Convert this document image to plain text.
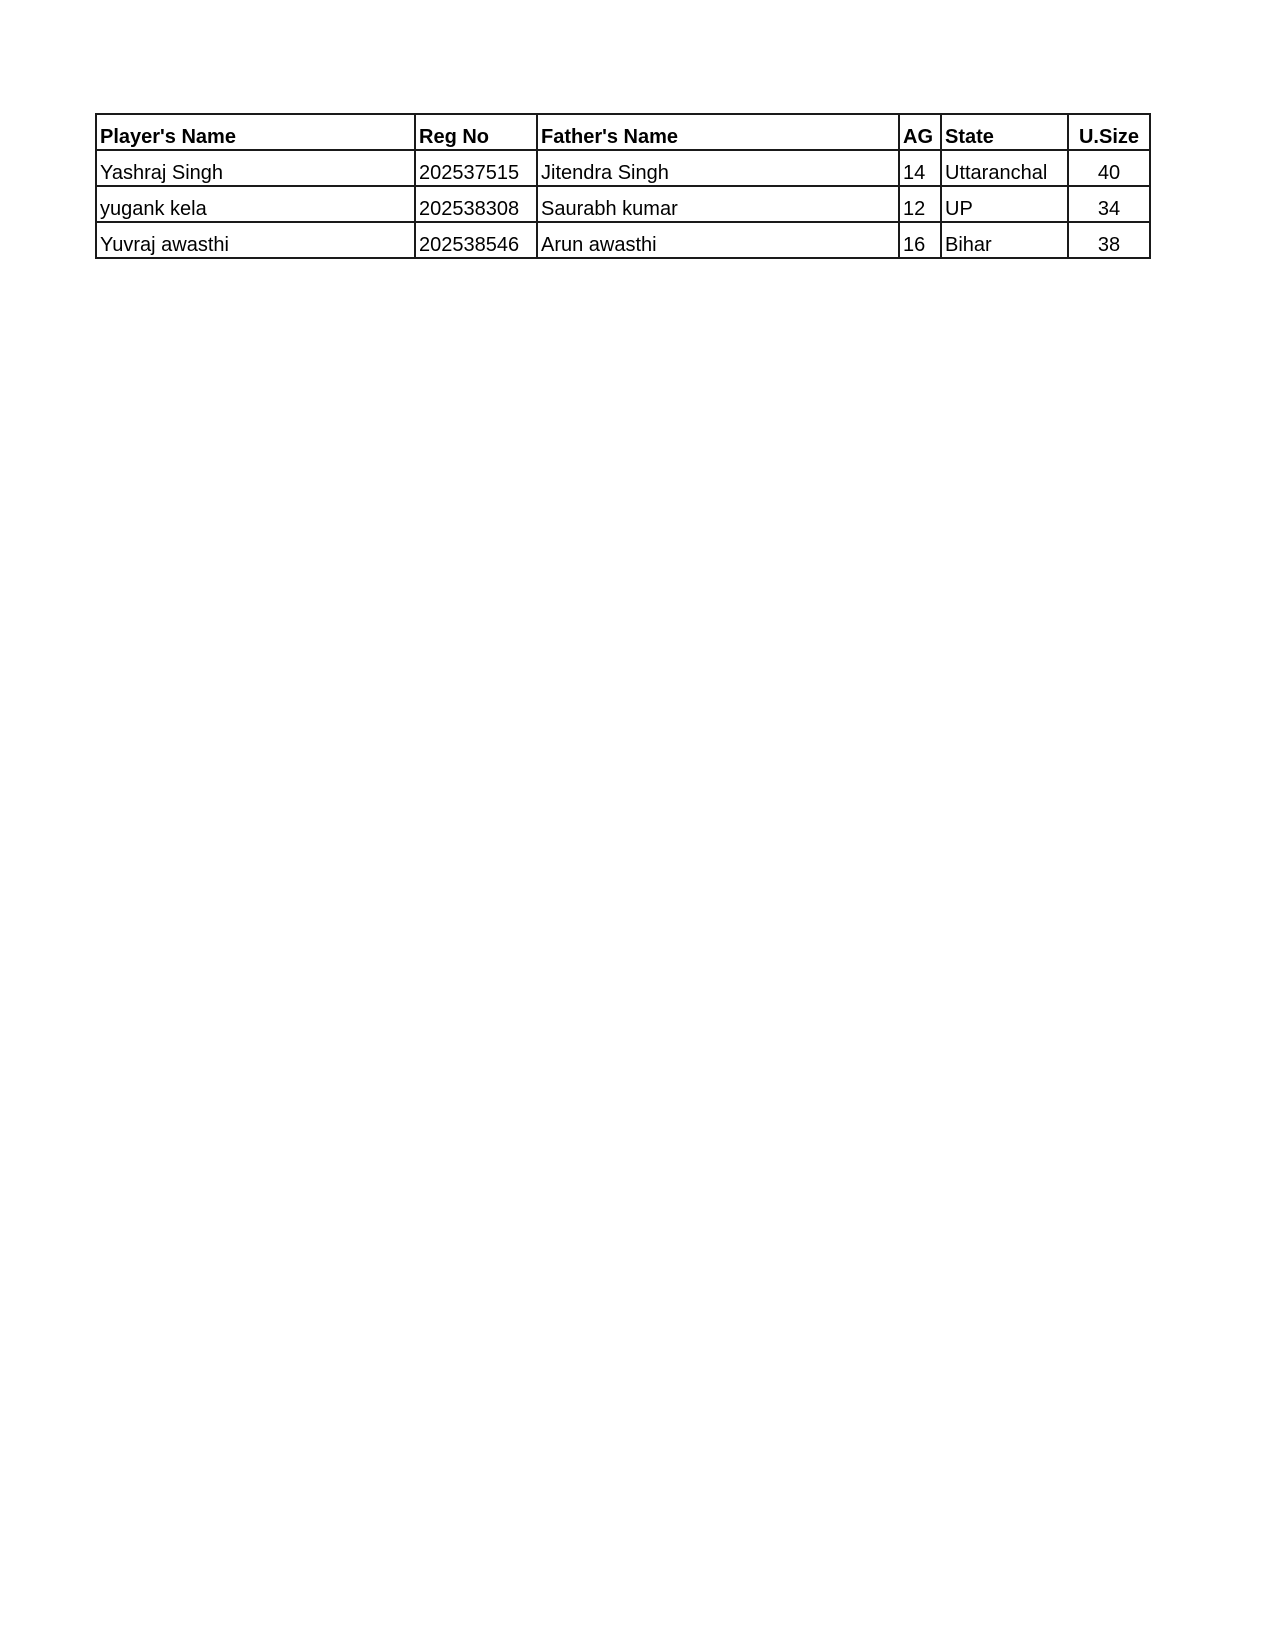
Player's Name	Reg No	Father's Name	AG	State	U.Size
Yashraj Singh	202537515	Jitendra Singh	14	Uttaranchal	40
yugank kela	202538308	Saurabh kumar	12	UP	34
Yuvraj awasthi	202538546	Arun awasthi	16	Bihar	38
